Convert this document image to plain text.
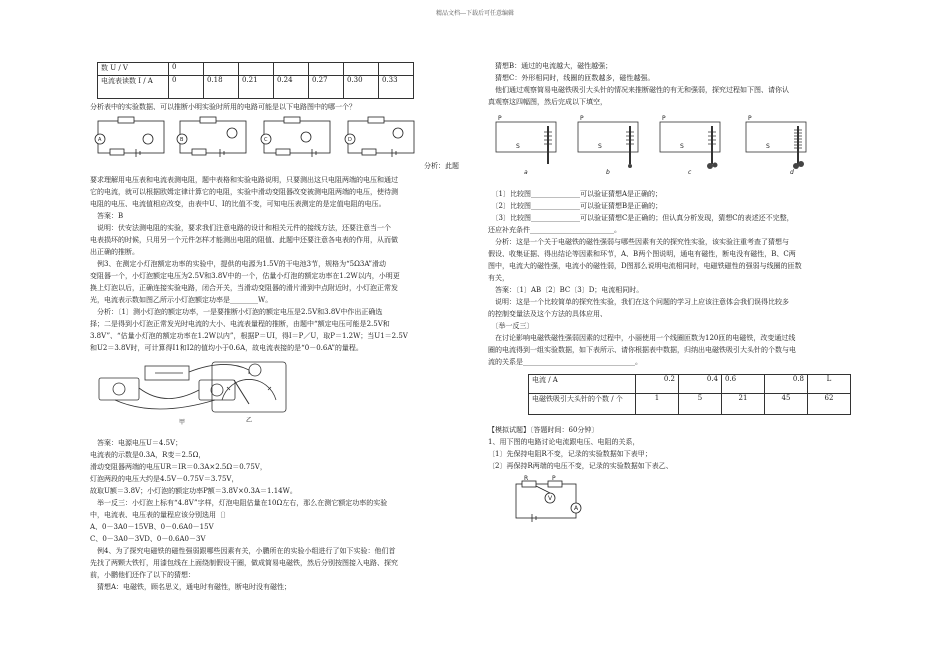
精品文档---下载后可任意编辑
数 U / V	0						
电流表读数 I / A	0	0.18	0.21	0.24	0.27	0.30	0.33
分析表中的实验数据、可以推断小明实验时所用的电路可能是以下电路图中的哪一个？
A	B	C	D
分析：此题
要求理解用电压表和电流表测电阻，题中表格和实验电路说明，只要测出这只电阻两端的电压和通过
它的电流，就可以根据欧姆定律计算它的电阻，实验中滑动变阻器改变被测电阻两端的电压，使待测
电阻的电压、电流值相应改变，由表中U、I的比值不变，可知电压表测定的是定值电阻的电压。
　答案：B
　说明：伏安法测电阻的实验，要求我们注意电路的设计和相关元件的接线方法，还要注意当一个
电表损坏的时候，只用另一个元件怎样才能测出电阻的阻值、此题中还要注意各电表的作用，从而做
出正确的推断。
　例3、在测定小灯泡额定功率的实验中，提供的电源为1.5V的干电池3节，规格为“5Ω3A”滑动
变阻器一个，小灯泡额定电压为2.5V和3.8V中的一个，估量小灯泡的额定功率在1.2W以内，小明更
换上灯泡以后，正确连接实验电路，闭合开关，当滑动变阻器的滑片滑到中点附近时，小灯泡正常发
光，电流表示数如图乙所示小灯泡额定功率是________W。
　分析：〔1〕测小灯泡的额定功率，一是要推断小灯泡的额定电压是2.5V和3.8V中作出正确选
择；二是得到小灯泡正常发光时电流的大小、电流表量程的推断，由题中“额定电压可能是2.5V和
3.8V”、“估量小灯泡的额定功率在1.2W以内”，根据P＝UI，得I＝P／U，取P＝1.2W；当U1＝2.5V
和U2＝3.8V时，可计算得I1和I2的值均小于0.6A，故电流表接的是“0－0.6A”的量程。
甲	乙
　答案：电源电压U＝4.5V；
电流表的示数是0.3A，R变＝2.5Ω，
滑动变阻器两端的电压UR＝IR＝0.3A×2.5Ω＝0.75V，
灯泡两段的电压大约是4.5V－0.75V＝3.75V，
故取U额＝3.8V；小灯泡的额定功率P额＝3.8V×0.3A＝1.14W。
　举一反三：小灯泡上标有“4.8V”字样，灯泡电阻估量在10Ω左右，那么在测它额定功率的实验
中，电流表、电压表的量程应该分别选用〔〕
A、0－3A0－15VB、0－0.6A0－15V
C、0－3A0－3VD、0－0.6A0－3V
　例4、为了探究电磁铁的磁性强弱跟哪些因素有关，小鹏所在的实验小组进行了如下实验：他们首
先找了两颗大铁钉，用漆包线在上面绕制假设干圈，做成简易电磁铁，然后分别按图接入电路、探究
前，小鹏他们还作了以下的猜想：
　猜想A：电磁铁，顾名思义，通电时有磁性，断电时没有磁性；
　猜想B：通过的电流越大，磁性越强；
　猜想C：外形相同时，线圈的匝数越多，磁性越强。
　他们通过观察简易电磁铁吸引大头针的情况来推断磁性的有无和强弱，探究过程如下图、请你认
真观察这四幅图，然后完成以下填空，
P
S
a
P
S
b
P
S
c
P
S
d
　〔1〕比较图______________可以验证猜想A是正确的；
　〔2〕比较图______________可以验证猜想B是正确的；
　〔3〕比较图______________可以验证猜想C是正确的；但认真分析发现，猜想C的表述还不完整，
还应补充条件________________________。
　分析：这是一个关于电磁铁的磁性强弱与哪些因素有关的探究性实验，该实验注重考查了猜想与
假设、收集证据、得出结论等因素和环节，A、B两个图说明，通电有磁性，断电没有磁性，B、C两
图中，电流大的磁性强，电流小的磁性弱，D图那么说明电流相同时，电磁铁磁性的强弱与线圈的匝数
有关，
　答案：〔1〕AB〔2〕BC〔3〕D；电流相同时。
　说明：这是一个比较简单的探究性实验，我们在这个问题的学习上应该注意体会我们误得比较多
的控制变量法及这个方法的具体应用、
　〔举一反三〕
　在讨论影响电磁铁磁性强弱因素的过程中，小丽使用一个线圈匝数为120匝的电磁铁，改变通过线
圈的电流得到一组实验数据，如下表所示、请你根据表中数据，归纳出电磁铁吸引大头针的个数与电
流的关系是________________________________。
电流 / A	0.2	0.4	0.6	0.8	L
电磁铁吸引大头针的个数 / 个	1	5	21	45	62
【模拟试题】〔答题时间：60分钟〕
1、用下图的电路讨论电流跟电压、电阻的关系，
〔1〕先保持电阻R不变，记录的实验数据如下表甲；
〔2〕再保持R两端的电压不变，记录的实验数据如下表乙、
R	P
V
A
